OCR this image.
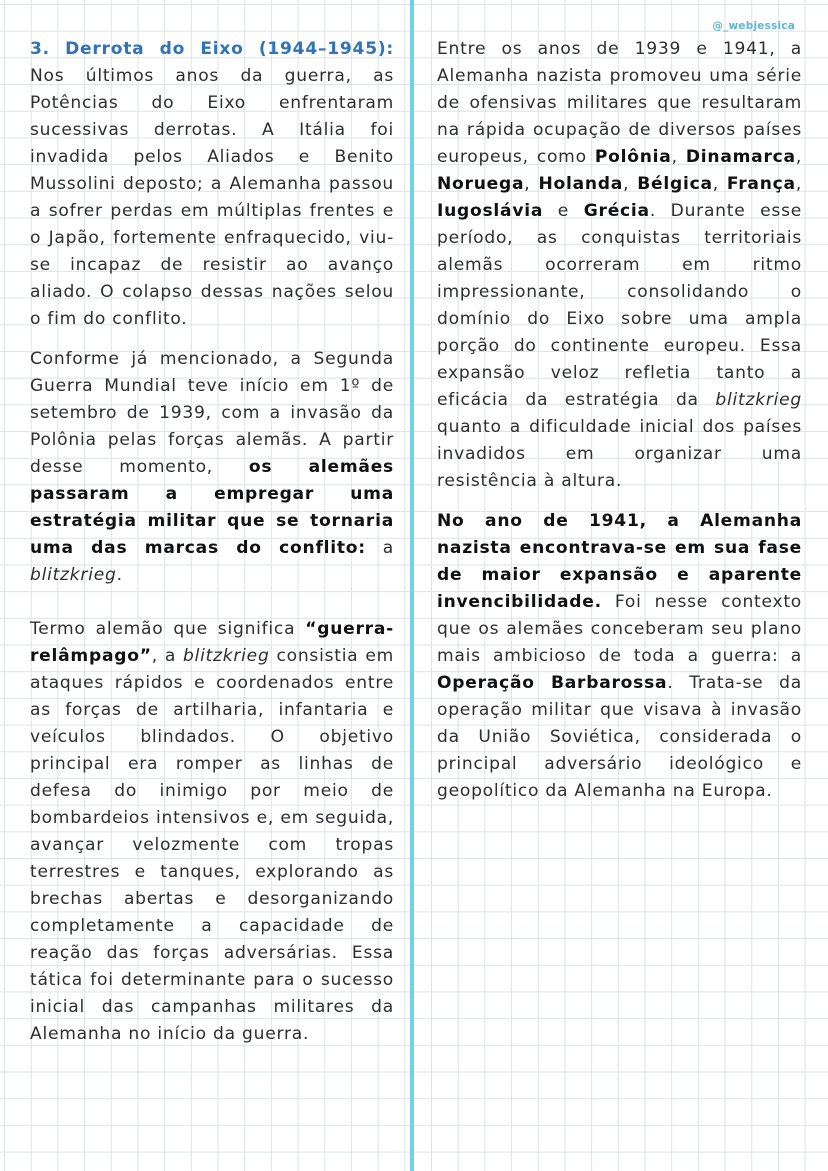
@_webjessica

3. Derrota do Eixo (1944–1945): Nos últimos anos da guerra, as Potências do Eixo enfrentaram sucessivas derrotas. A Itália foi invadida pelos Aliados e Benito Mussolini deposto; a Alemanha passou a sofrer perdas em múltiplas frentes e o Japão, fortemente enfraquecido, viu-se incapaz de resistir ao avanço aliado. O colapso dessas nações selou o fim do conflito.

Conforme já mencionado, a Segunda Guerra Mundial teve início em 1º de setembro de 1939, com a invasão da Polônia pelas forças alemãs. A partir desse momento, os alemães passaram a empregar uma estratégia militar que se tornaria uma das marcas do conflito: a blitzkrieg.

Termo alemão que significa “guerra-relâmpago”, a blitzkrieg consistia em ataques rápidos e coordenados entre as forças de artilharia, infantaria e veículos blindados. O objetivo principal era romper as linhas de defesa do inimigo por meio de bombardeios intensivos e, em seguida, avançar velozmente com tropas terrestres e tanques, explorando as brechas abertas e desorganizando completamente a capacidade de reação das forças adversárias. Essa tática foi determinante para o sucesso inicial das campanhas militares da Alemanha no início da guerra.

Entre os anos de 1939 e 1941, a Alemanha nazista promoveu uma série de ofensivas militares que resultaram na rápida ocupação de diversos países europeus, como Polônia, Dinamarca, Noruega, Holanda, Bélgica, França, Iugoslávia e Grécia. Durante esse período, as conquistas territoriais alemãs ocorreram em ritmo impressionante, consolidando o domínio do Eixo sobre uma ampla porção do continente europeu. Essa expansão veloz refletia tanto a eficácia da estratégia da blitzkrieg quanto a dificuldade inicial dos países invadidos em organizar uma resistência à altura.

No ano de 1941, a Alemanha nazista encontrava-se em sua fase de maior expansão e aparente invencibilidade. Foi nesse contexto que os alemães conceberam seu plano mais ambicioso de toda a guerra: a Operação Barbarossa. Trata-se da operação militar que visava à invasão da União Soviética, considerada o principal adversário ideológico e geopolítico da Alemanha na Europa.
